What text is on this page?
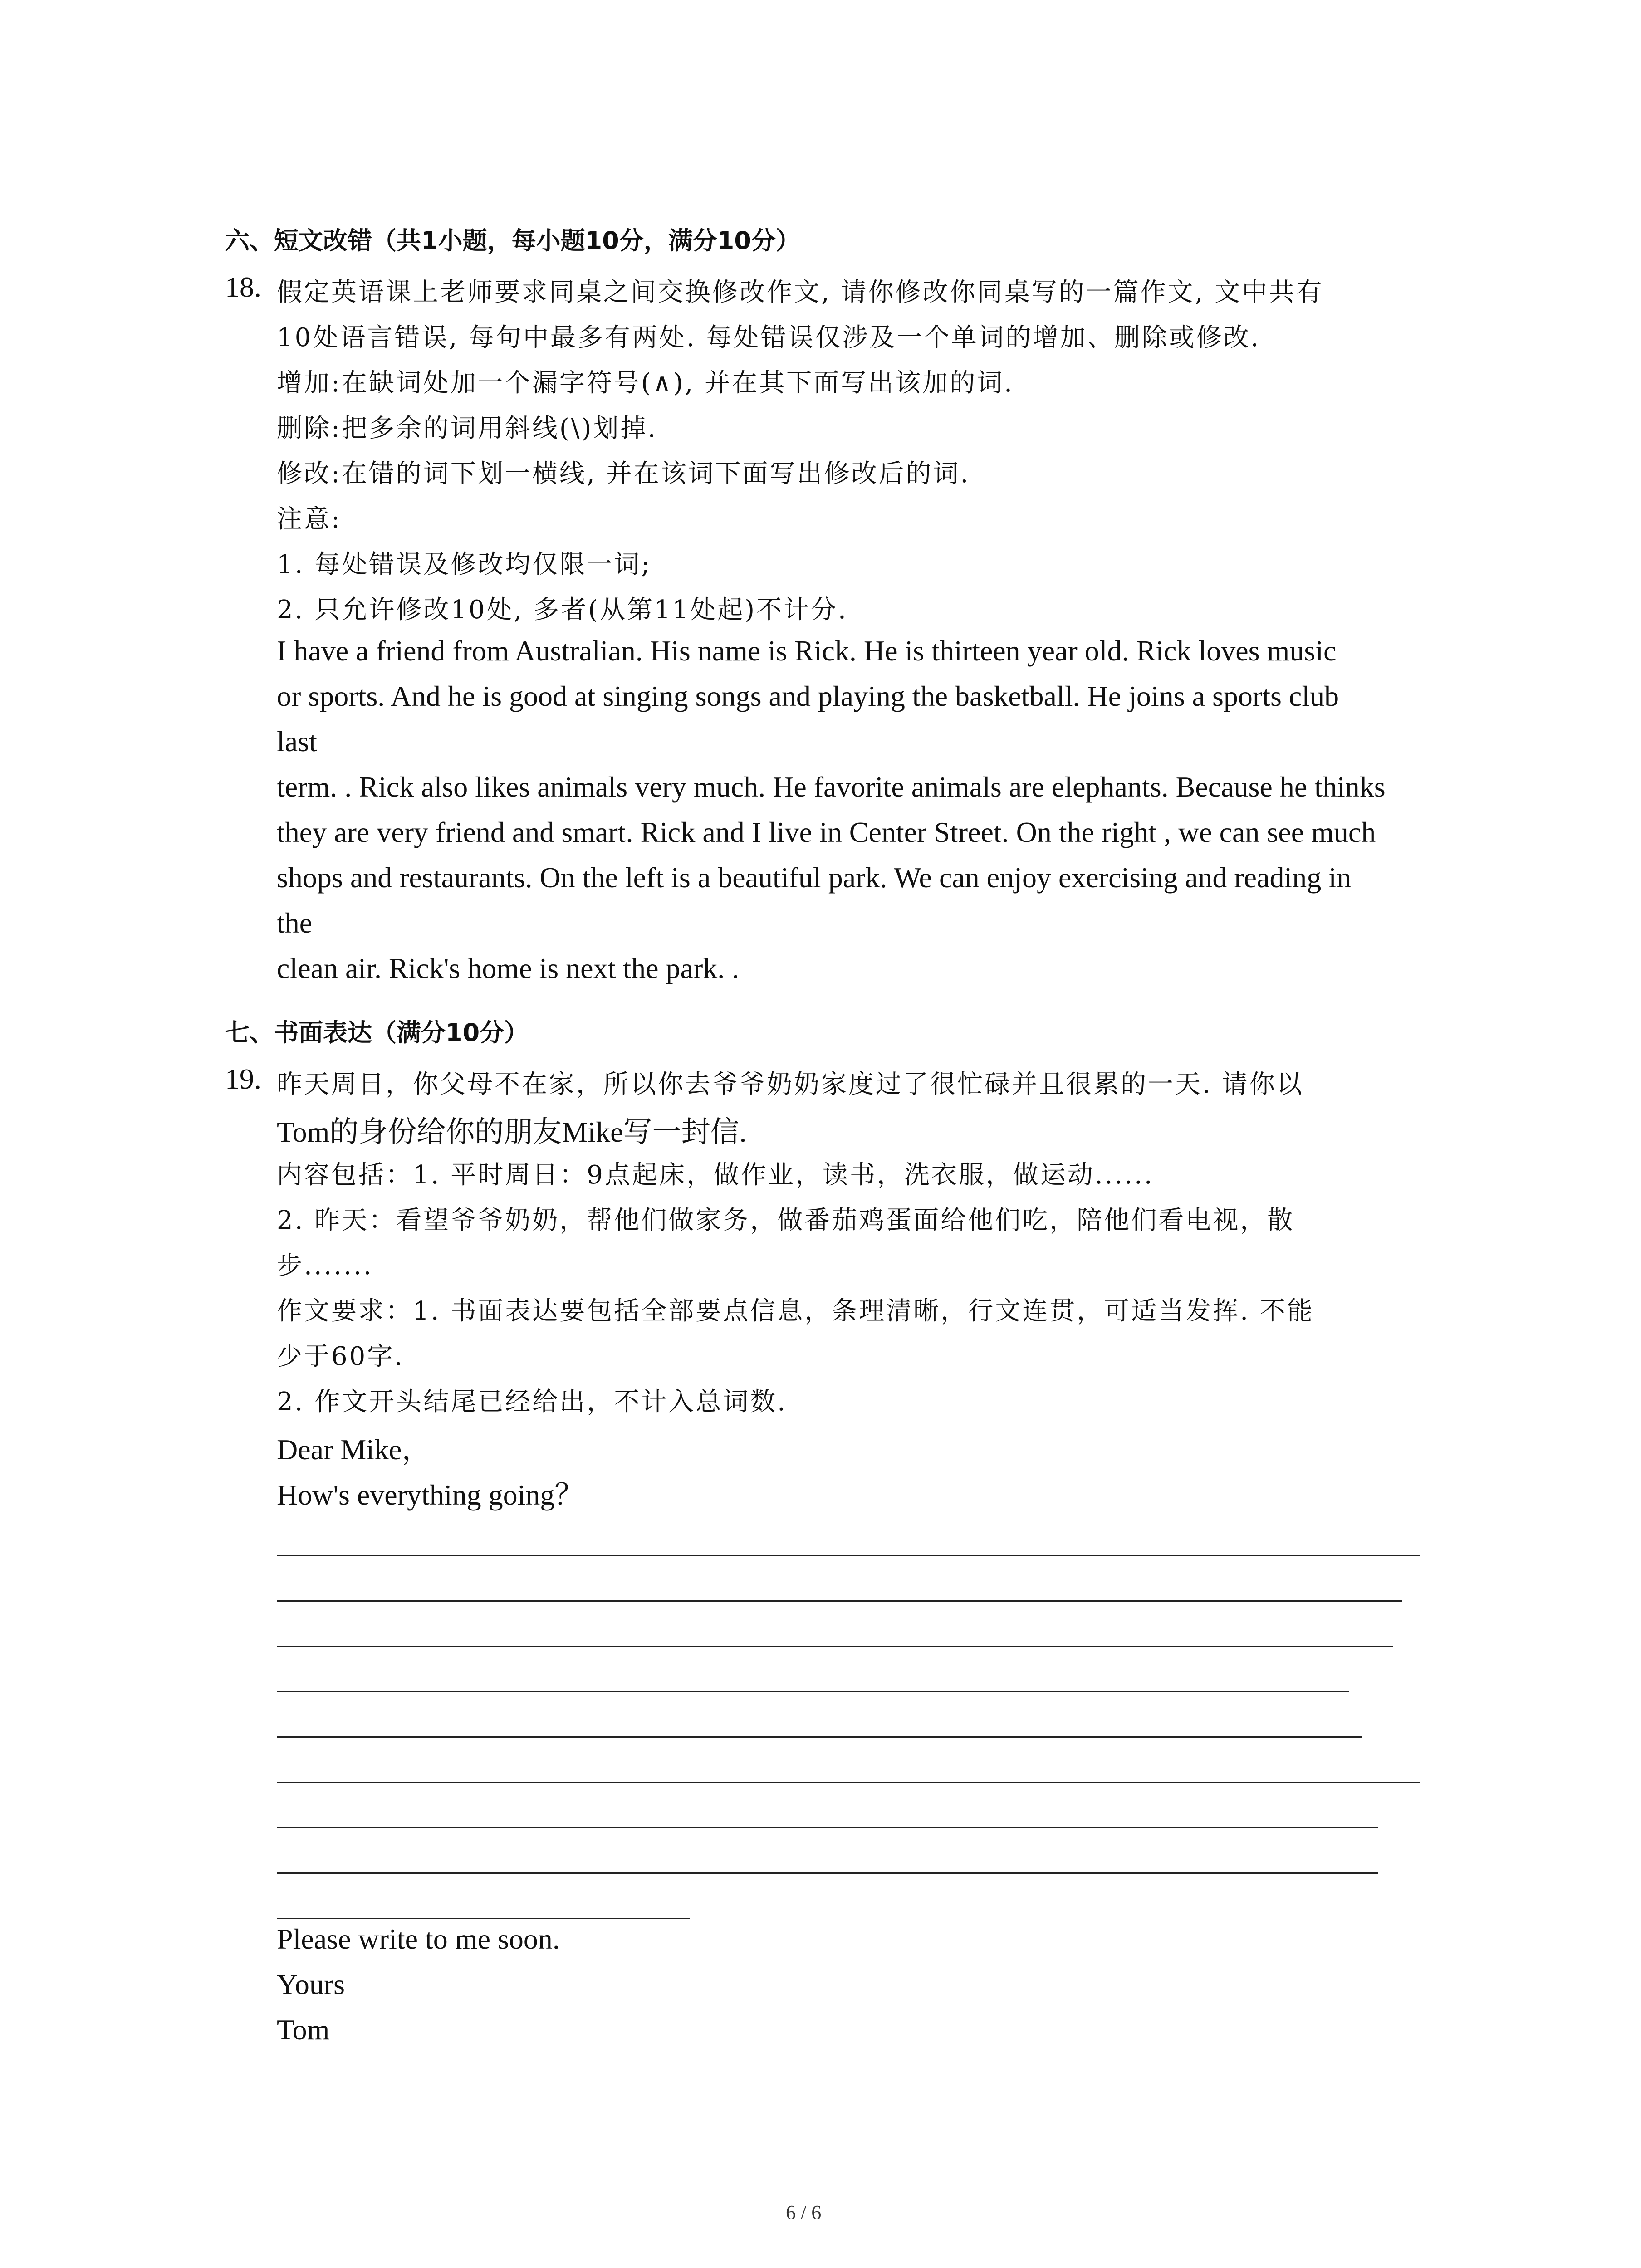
六、短文改错（共1小题，每小题10分，满分10分）
18. 假定英语课上老师要求同桌之间交换修改作文, 请你修改你同桌写的一篇作文, 文中共有
10处语言错误, 每句中最多有两处. 每处错误仅涉及一个单词的增加、删除或修改.
增加:在缺词处加一个漏字符号(∧), 并在其下面写出该加的词.
删除:把多余的词用斜线(\)划掉.
修改:在错的词下划一横线, 并在该词下面写出修改后的词.
注意:
1. 每处错误及修改均仅限一词;
2. 只允许修改10处, 多者(从第11处起)不计分.
I have a friend from Australian. His name is Rick. He is thirteen year old. Rick loves music
or sports. And he is good at singing songs and playing the basketball. He joins a sports club
last
term. . Rick also likes animals very much. He favorite animals are elephants. Because he thinks
they are very friend and smart. Rick and I live in Center Street. On the right , we can see much
shops and restaurants. On the left is a beautiful park. We can enjoy exercising and reading in
the
clean air. Rick's home is next the park. .
七、书面表达（满分10分）
19. 昨天周日，你父母不在家，所以你去爷爷奶奶家度过了很忙碌并且很累的一天. 请你以
Tom的身份给你的朋友Mike写一封信.
内容包括：1. 平时周日：9点起床，做作业，读书，洗衣服，做运动......
2. 昨天：看望爷爷奶奶，帮他们做家务，做番茄鸡蛋面给他们吃，陪他们看电视，散
步.......
作文要求：1. 书面表达要包括全部要点信息，条理清晰，行文连贯，可适当发挥. 不能
少于60字.
2. 作文开头结尾已经给出，不计入总词数.
Dear Mike，
How's everything going？
Please write to me soon.
Yours
Tom
6 / 6
